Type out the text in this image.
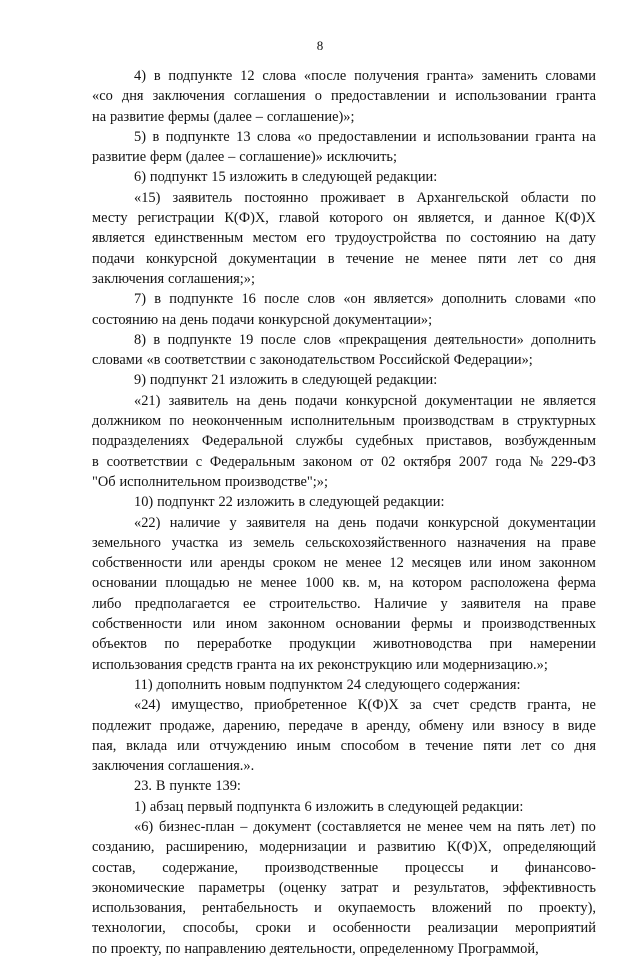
8
4) в подпункте 12 слова «после получения гранта» заменить словами
«со дня заключения соглашения о предоставлении и использовании гранта
на развитие фермы (далее – соглашение)»;
5) в подпункте 13 слова «о предоставлении и использовании гранта на
развитие ферм (далее – соглашение)» исключить;
6) подпункт 15 изложить в следующей редакции:
«15) заявитель постоянно проживает в Архангельской области по
месту регистрации К(Ф)Х, главой которого он является, и данное К(Ф)Х
является единственным местом его трудоустройства по состоянию на дату
подачи конкурсной документации в течение не менее пяти лет со дня
заключения соглашения;»;
7) в подпункте 16 после слов «он является» дополнить словами «по
состоянию на день подачи конкурсной документации»;
8) в подпункте 19 после слов «прекращения деятельности» дополнить
словами «в соответствии с законодательством Российской Федерации»;
9) подпункт 21 изложить в следующей редакции:
«21) заявитель на день подачи конкурсной документации не является
должником по неоконченным исполнительным производствам в структурных
подразделениях Федеральной службы судебных приставов, возбужденным
в соответствии с Федеральным законом от 02 октября 2007 года № 229-ФЗ
"Об исполнительном производстве";»;
10) подпункт 22 изложить в следующей редакции:
«22) наличие у заявителя на день подачи конкурсной документации
земельного участка из земель сельскохозяйственного назначения на праве
собственности или аренды сроком не менее 12 месяцев или ином законном
основании площадью не менее 1000 кв. м, на котором расположена ферма
либо предполагается ее строительство. Наличие у заявителя на праве
собственности или ином законном основании фермы и производственных
объектов по переработке продукции животноводства при намерении
использования средств гранта на их реконструкцию или модернизацию.»;
11) дополнить новым подпунктом 24 следующего содержания:
«24) имущество, приобретенное К(Ф)Х за счет средств гранта, не
подлежит продаже, дарению, передаче в аренду, обмену или взносу в виде
пая, вклада или отчуждению иным способом в течение пяти лет со дня
заключения соглашения.».
23. В пункте 139:
1) абзац первый подпункта 6 изложить в следующей редакции:
«6) бизнес-план – документ (составляется не менее чем на пять лет) по
созданию, расширению, модернизации и развитию К(Ф)Х, определяющий
состав, содержание, производственные процессы и финансово-
экономические параметры (оценку затрат и результатов, эффективность
использования, рентабельность и окупаемость вложений по проекту),
технологии, способы, сроки и особенности реализации мероприятий
по проекту, по направлению деятельности, определенному Программой,
